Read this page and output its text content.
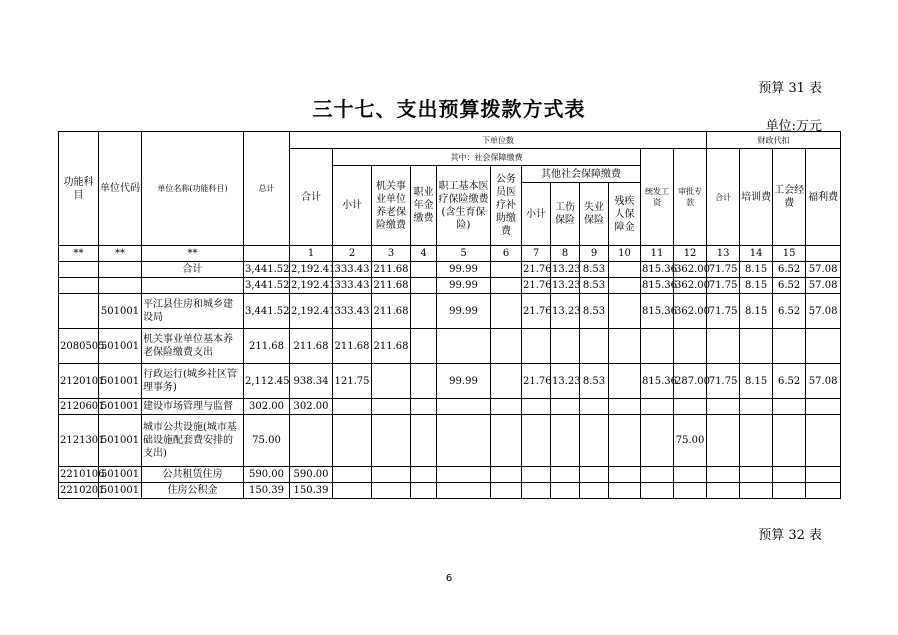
预算 31 表
三十七、支出预算拨款方式表
单位:万元
功能科目	单位代码	单位名称(功能科目)	总计	下单位数												财政代扣			
				合计	其中：社会保障缴费									统发工资	审批专款	合计	培训费	工会经费	福利费
					小计	机关事业单位养老保险缴费	职业年金缴费	职工基本医疗保险缴费(含生育保险)	公务员医疗补助缴费	其他社会保障缴费									
										小计	工伤保险	失业保险	残疾人保障金						
**	**	**		1	2	3	4	5	6	7	8	9	10	11	12	13	14	15	
		合计	3,441.52	2,192.41	333.43	211.68		99.99		21.76	13.23	8.53		815.36	362.00	71.75	8.15	6.52	57.08
			3,441.52	2,192.41	333.43	211.68		99.99		21.76	13.23	8.53		815.36	362.00	71.75	8.15	6.52	57.08
	501001	平江县住房和城乡建设局	3,441.52	2,192.41	333.43	211.68		99.99		21.76	13.23	8.53		815.36	362.00	71.75	8.15	6.52	57.08
2080505	501001	机关事业单位基本养老保险缴费支出	211.68	211.68	211.68	211.68													
2120101	501001	行政运行(城乡社区管理事务)	2,112.45	938.34	121.75			99.99		21.76	13.23	8.53		815.36	287.00	71.75	8.15	6.52	57.08
2120601	501001	建设市场管理与监督	302.00	302.00															
2121301	501001	城市公共设施(城市基础设施配套费安排的支出)	75.00												75.00				
2210106	501001	公共租赁住房	590.00	590.00															
2210201	501001	住房公积金	150.39	150.39															
预算 32 表
6
